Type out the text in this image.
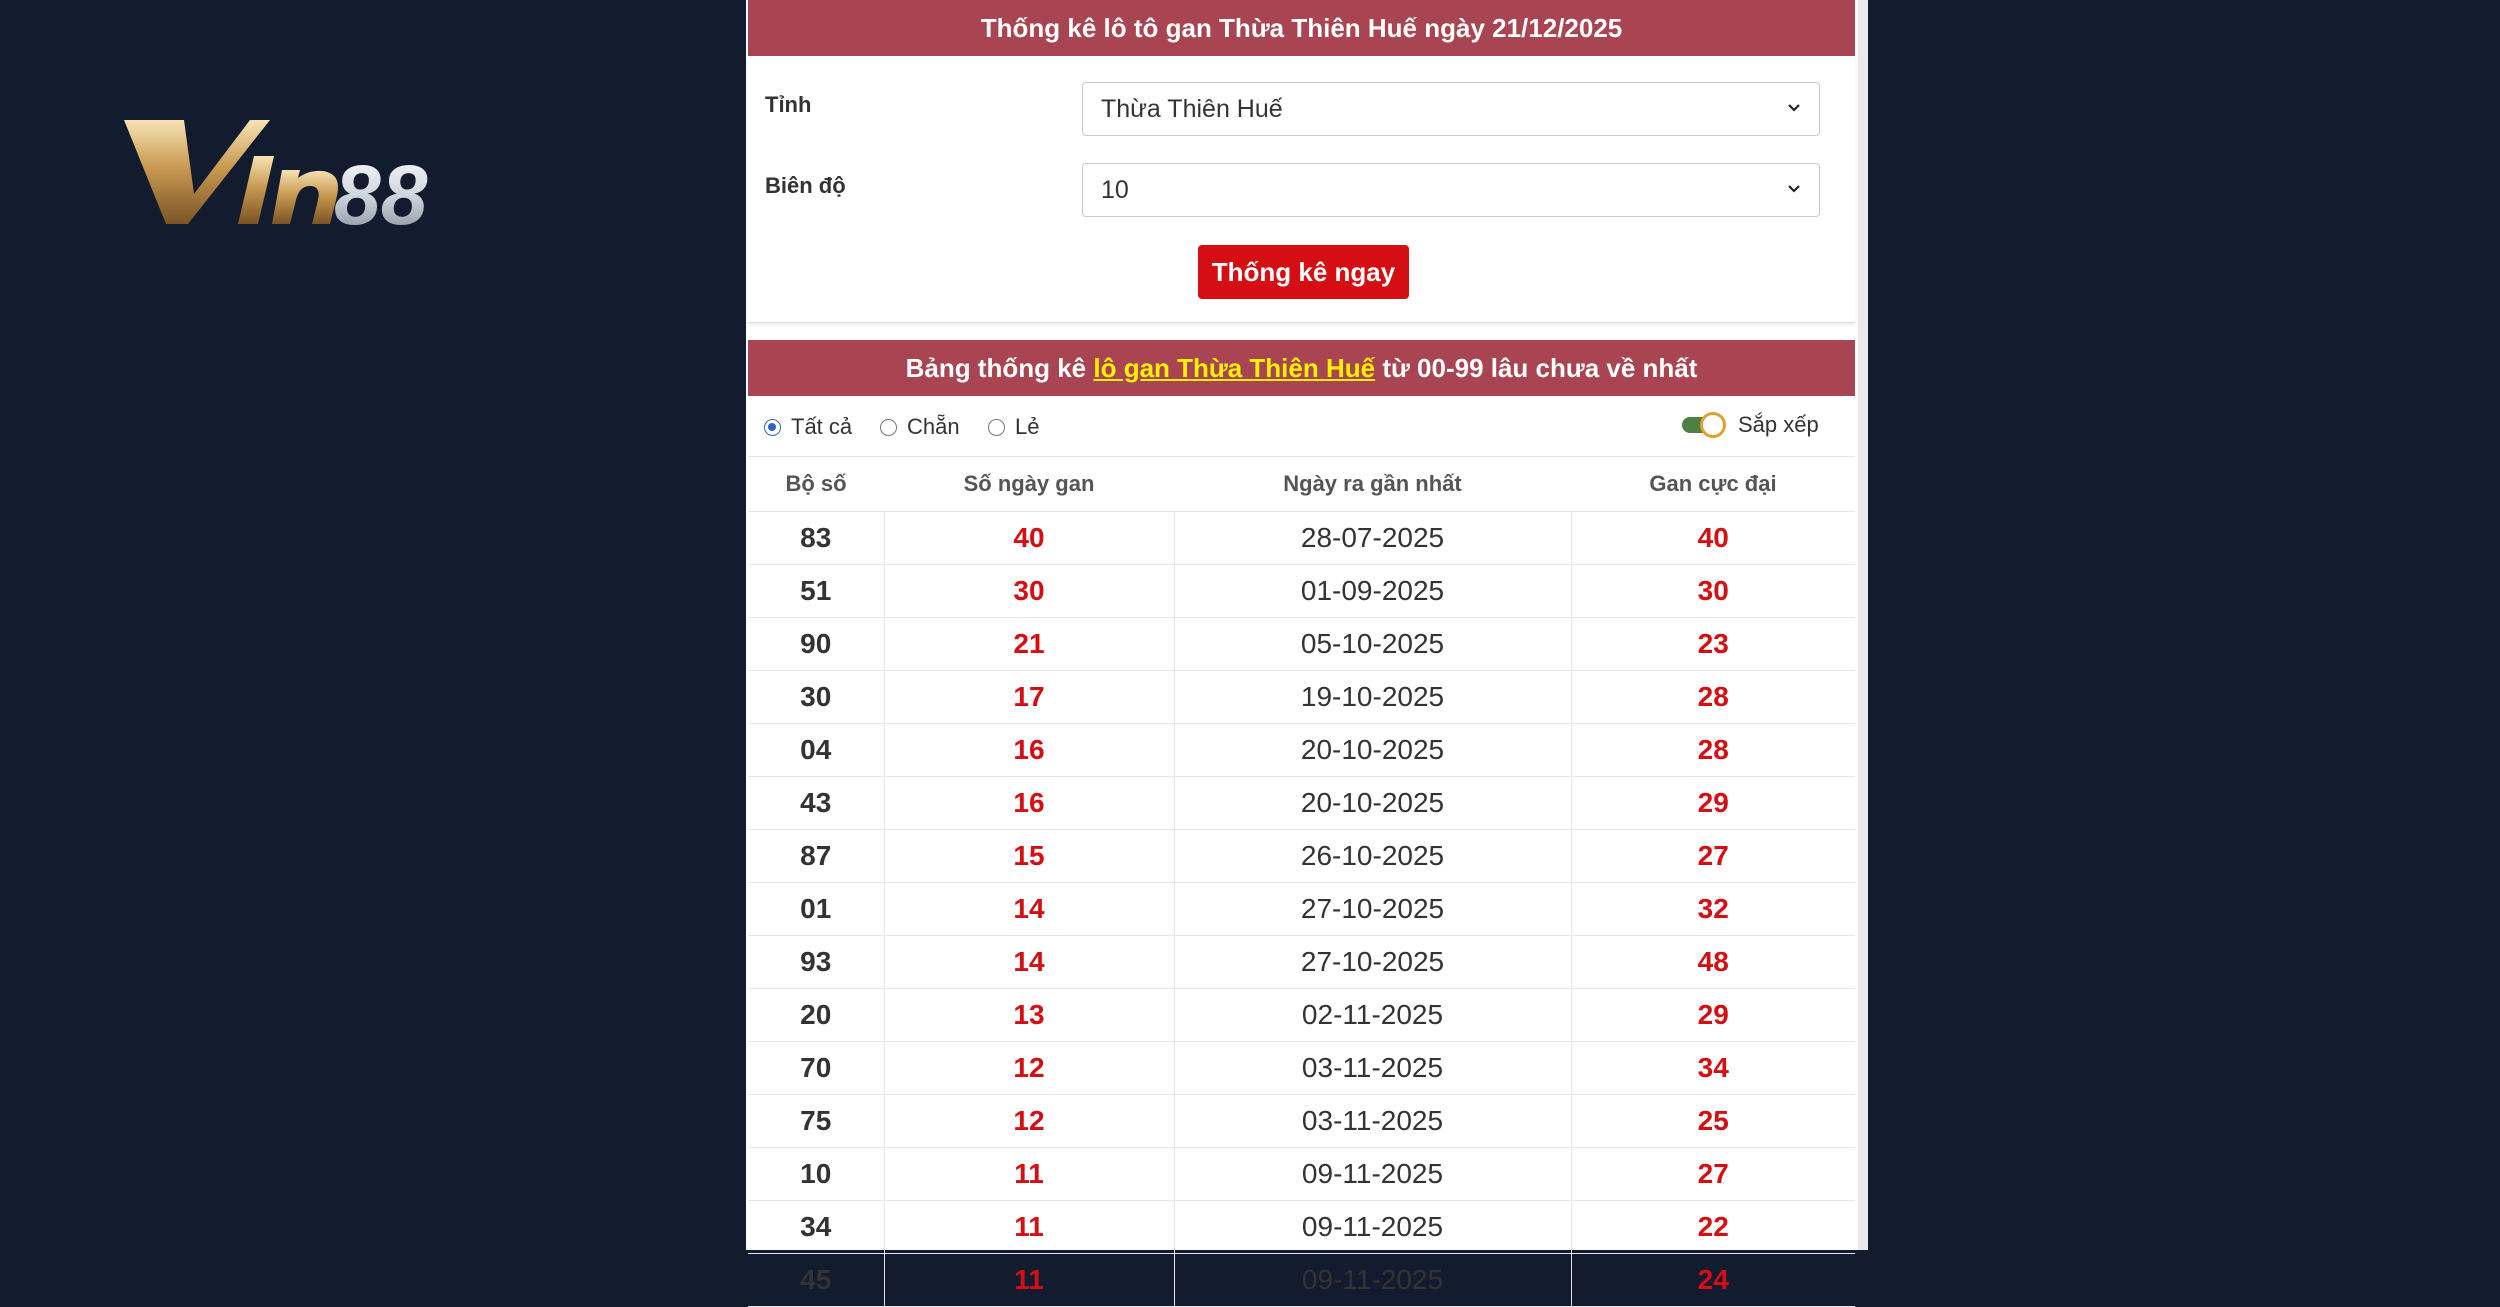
88
Thống kê lô tô gan Thừa Thiên Huế ngày 21/12/2025
Tỉnh	Thừa Thiên Huế
Biên độ	10
Thống kê ngay
Bảng thống kê lô gan Thừa Thiên Huế từ 00-99 lâu chưa về nhất
Tất cả Chẵn	Lẻ	Sắp xếp
Bộ số	Số ngày gan	Ngày ra gần nhất	Gan cực đại
83	40	28-07-2025	40
51	30	01-09-2025	30
90	21	05-10-2025	23
30	17	19-10-2025	28
04	16	20-10-2025	28
43	16	20-10-2025	29
87	15	26-10-2025	27
01	14	27-10-2025	32
93	14	27-10-2025	48
20	13	02-11-2025	29
70	12	03-11-2025	34
75	12	03-11-2025	25
10	11	09-11-2025	27
34	11	09-11-2025	22
45	11	09-11-2025	24
